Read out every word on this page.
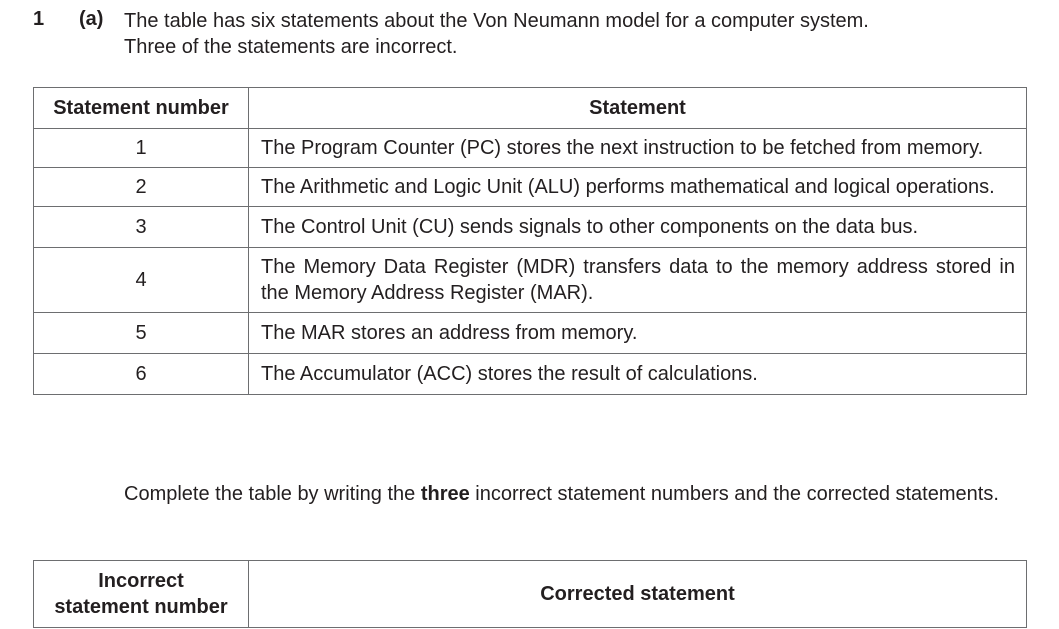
1 (a) The table has six statements about the Von Neumann model for a computer system.
Three of the statements are incorrect.
Statement number	Statement
1	The Program Counter (PC) stores the next instruction to be fetched from memory.
2	The Arithmetic and Logic Unit (ALU) performs mathematical and logical operations.
3	The Control Unit (CU) sends signals to other components on the data bus.
4	The Memory Data Register (MDR) transfers data to the memory address stored in the Memory Address Register (MAR).
5	The MAR stores an address from memory.
6	The Accumulator (ACC) stores the result of calculations.
Complete the table by writing the three incorrect statement numbers and the corrected statements.
Incorrect
statement number
	Corrected statement
